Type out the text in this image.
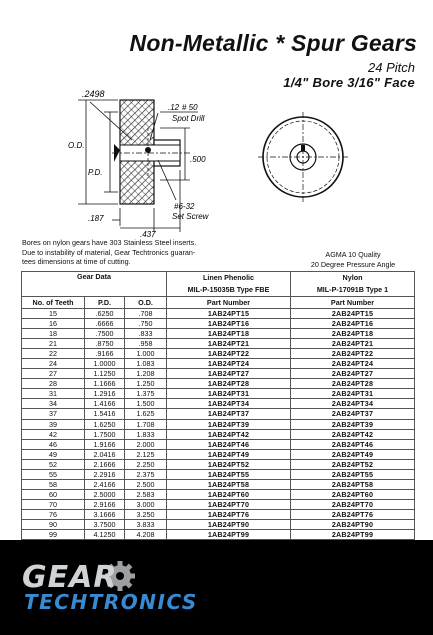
Non-Metallic * Spur Gears
24 Pitch
1/4" Bore 3/16" Face
.2498
.12 # 50
Spot Drill
O.D.
P.D.
.500
#6-32
Set Screw
.187
.437
Bores on nylon gears have 303 Stainless Steel inserts.
Due to instability of material, Gear Techtronics guaran-
tees dimensions at time of cutting.
AGMA 10 Quality
20 Degree Pressure Angle
Gear Data			Linen Phenolic	Nylon
			MIL-P-15035B Type FBE	MIL-P-17091B Type 1
No. of Teeth	P.D.	O.D.	Part Number	Part Number
15	.6250	.708	1AB24PT15	2AB24PT15
16	.6666	.750	1AB24PT16	2AB24PT16
18	.7500	.833	1AB24PT18	2AB24PT18
21	.8750	.958	1AB24PT21	2AB24PT21
22	.9166	1.000	1AB24PT22	2AB24PT22
24	1.0000	1.083	1AB24PT24	2AB24PT24
27	1.1250	1.208	1AB24PT27	2AB24PT27
28	1.1666	1.250	1AB24PT28	2AB24PT28
31	1.2916	1.375	1AB24PT31	2AB24PT31
34	1.4166	1.500	1AB24PT34	2AB24PT34
37	1.5416	1.625	1AB24PT37	2AB24PT37
39	1.6250	1.708	1AB24PT39	2AB24PT39
42	1.7500	1.833	1AB24PT42	2AB24PT42
46	1.9166	2.000	1AB24PT46	2AB24PT46
49	2.0416	2.125	1AB24PT49	2AB24PT49
52	2.1666	2.250	1AB24PT52	2AB24PT52
55	2.2916	2.375	1AB24PT55	2AB24PT55
58	2.4166	2.500	1AB24PT58	2AB24PT58
60	2.5000	2.583	1AB24PT60	2AB24PT60
70	2.9166	3.000	1AB24PT70	2AB24PT70
76	3.1666	3.250	1AB24PT76	2AB24PT76
90	3.7500	3.833	1AB24PT90	2AB24PT90
99	4.1250	4.208	1AB24PT99	2AB24PT99
GEAR
TECHTRONICS
